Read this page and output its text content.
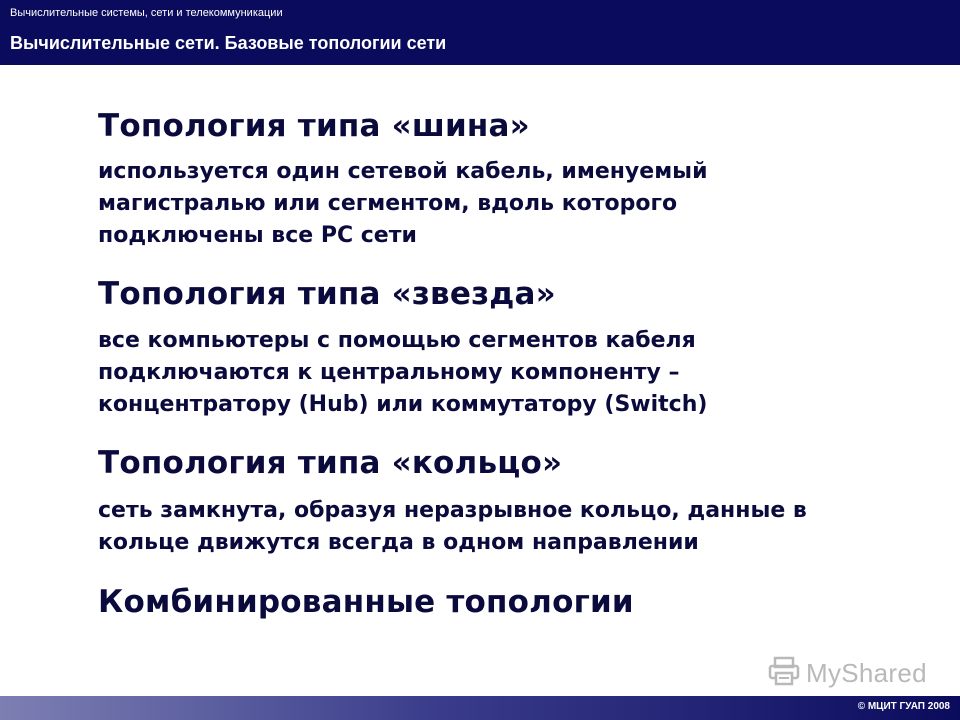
Вычислительные системы, сети и телекоммуникации
Вычислительные сети. Базовые топологии сети
Топология типа «шина»
используется один сетевой кабель, именуемый
магистралью или сегментом, вдоль которого
подключены все PC сети
Топология типа «звезда»
все компьютеры с помощью сегментов кабеля
подключаются к центральному компоненту –
концентратору (Hub) или коммутатору (Switch)
Топология типа «кольцо»
сеть замкнута, образуя неразрывное кольцо, данные в
кольце движутся всегда в одном направлении
Комбинированные топологии
MyShared
© МЦИТ ГУАП 2008
